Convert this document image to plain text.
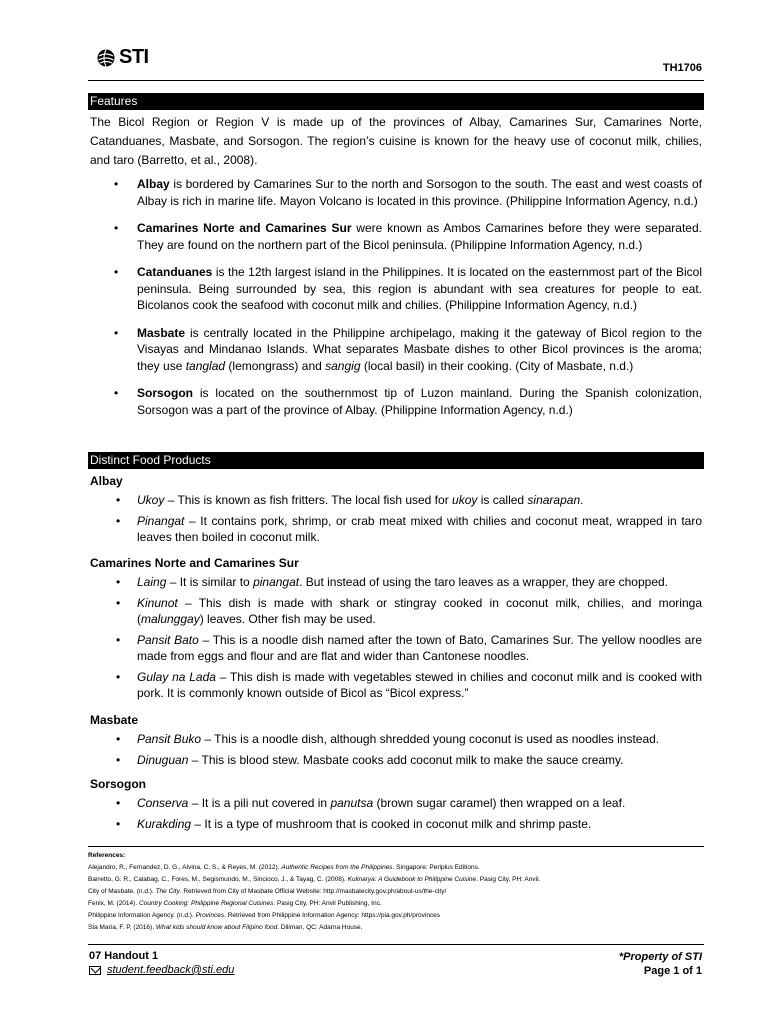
STI	TH1706
Features

The Bicol Region or Region V is made up of the provinces of Albay, Camarines Sur, Camarines Norte, Catanduanes, Masbate, and Sorsogon. The region’s cuisine is known for the heavy use of coconut milk, chilies, and taro (Barretto, et al., 2008).

• Albay is bordered by Camarines Sur to the north and Sorsogon to the south. The east and west coasts of Albay is rich in marine life. Mayon Volcano is located in this province. (Philippine Information Agency, n.d.)
• Camarines Norte and Camarines Sur were known as Ambos Camarines before they were separated. They are found on the northern part of the Bicol peninsula. (Philippine Information Agency, n.d.)
• Catanduanes is the 12th largest island in the Philippines. It is located on the easternmost part of the Bicol peninsula. Being surrounded by sea, this region is abundant with sea creatures for people to eat. Bicolanos cook the seafood with coconut milk and chilies. (Philippine Information Agency, n.d.)
• Masbate is centrally located in the Philippine archipelago, making it the gateway of Bicol region to the Visayas and Mindanao Islands. What separates Masbate dishes to other Bicol provinces is the aroma; they use tanglad (lemongrass) and sangig (local basil) in their cooking. (City of Masbate, n.d.)
• Sorsogon is located on the southernmost tip of Luzon mainland. During the Spanish colonization, Sorsogon was a part of the province of Albay. (Philippine Information Agency, n.d.)
Distinct Food Products
Albay
• Ukoy – This is known as fish fritters. The local fish used for ukoy is called sinarapan.
• Pinangat – It contains pork, shrimp, or crab meat mixed with chilies and coconut meat, wrapped in taro leaves then boiled in coconut milk.
Camarines Norte and Camarines Sur
• Laing – It is similar to pinangat. But instead of using the taro leaves as a wrapper, they are chopped.
• Kinunot – This dish is made with shark or stingray cooked in coconut milk, chilies, and moringa (malunggay) leaves. Other fish may be used.
• Pansit Bato – This is a noodle dish named after the town of Bato, Camarines Sur. The yellow noodles are made from eggs and flour and are flat and wider than Cantonese noodles.
• Gulay na Lada – This dish is made with vegetables stewed in chilies and coconut milk and is cooked with pork. It is commonly known outside of Bicol as “Bicol express.”
Masbate
• Pansit Buko – This is a noodle dish, although shredded young coconut is used as noodles instead.
• Dinuguan – This is blood stew. Masbate cooks add coconut milk to make the sauce creamy.
Sorsogon
• Conserva – It is a pili nut covered in panutsa (brown sugar caramel) then wrapped on a leaf.
• Kurakding – It is a type of mushroom that is cooked in coconut milk and shrimp paste.
References:
Alejandro, R., Fernandez, D. G., Alvina, C. S., & Reyes, M. (2012). Authentic Recipes from the Philippines. Singapore: Periplus Editions.
Barretto, G. R., Calabag, C., Fores, M., Segismundo, M., Sincioco, J., & Tayag, C. (2008). Kulinarya: A Guidebook to Philippine Cuisine. Pasig City, PH: Anvil.
City of Masbate. (n.d.). The City. Retrieved from City of Masbate Official Website: http://masbatecity.gov.ph/about-us/the-city/
Fenix, M. (2014). Country Cooking: Philippine Regional Cuisines. Pasig City, PH: Anvil Publishing, Inc.
Philippine Information Agency. (n.d.). Provinces. Retrieved from Philippine Information Agency: https://pia.gov.ph/provinces
Sta Maria, F. P. (2016). What kids should know about Filipino food. Diliman, QC: Adarna House.
07 Handout 1
student.feedback@sti.edu
*Property of STI
Page 1 of 1
